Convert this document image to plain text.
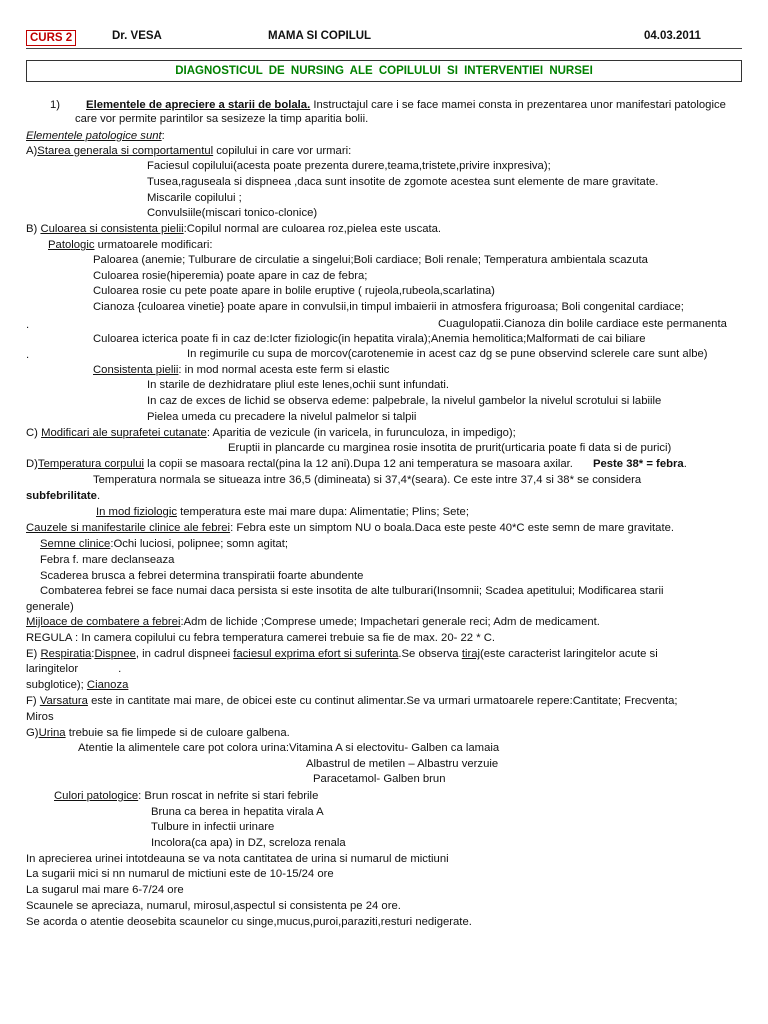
CURS 2	Dr. VESA	MAMA SI COPILUL	04.03.2011
DIAGNOSTICUL DE NURSING ALE COPILULUI SI INTERVENTIEI NURSEI
1) Elementele de apreciere a starii de bolala. Instructajul care i se face mamei consta in prezentarea unor manifestari patologice
care vor permite parintilor sa sesizeze la timp aparitia bolii.
Elementele patologice sunt:
A)Starea generala si comportamentul copilului in care vor urmari:
Faciesul copilului(acesta poate prezenta durere,teama,tristete,privire inxpresiva);
Tusea,raguseala si dispneea ,daca sunt insotite de zgomote acestea sunt elemente de mare gravitate.
Miscarile copilului ;
Convulsiile(miscari tonico-clonice)
B) Culoarea si consistenta pielii:Copilul normal are culoarea roz,pielea este uscata.
Patologic urmatoarele modificari:
Paloarea (anemie; Tulburare de circulatie a singelui;Boli cardiace; Boli renale; Temperatura ambientala scazuta
Culoarea rosie(hiperemia) poate apare in caz de febra;
Culoarea rosie cu pete poate apare in bolile eruptive ( rujeola,rubeola,scarlatina)
Cianoza {culoarea vinetie} poate apare in convulsii,in timpul imbaierii in atmosfera friguroasa; Boli congenital cardiace;
.	Cuagulopatii.Cianoza din bolile cardiace este permanenta
Culoarea icterica poate fi in caz de:Icter fiziologic(in hepatita virala);Anemia hemolitica;Malformati de cai biliare
.	In regimurile cu supa de morcov(carotenemie in acest caz dg se pune observind sclerele care sunt albe)
Consistenta pielii: in mod normal acesta este ferm si elastic
In starile de dezhidratare pliul este lenes,ochii sunt infundati.
In caz de exces de lichid se observa edeme: palpebrale, la nivelul gambelor la nivelul scrotului si labiile
Pielea umeda cu precadere la nivelul palmelor si talpii
C) Modificari ale suprafetei cutanate: Aparitia de vezicule (in varicela, in furunculoza, in impedigo);
Eruptii in plancarde cu marginea rosie insotita de prurit(urticaria poate fi data si de purici)
D)Temperatura corpului la copii se masoara rectal(pina la 12 ani).Dupa 12 ani temperatura se masoara axilar. Peste 38* = febra.
Temperatura normala se situeaza intre 36,5 (dimineata) si 37,4*(seara). Ce este intre 37,4 si 38* se considera
subfebrilitate.
In mod fiziologic temperatura este mai mare dupa: Alimentatie; Plins; Sete;
Cauzele si manifestarile clinice ale febrei: Febra este un simptom NU o boala.Daca este peste 40*C este semn de mare gravitate.
Semne clinice:Ochi luciosi, polipnee; somn agitat;
Febra f. mare declanseaza
Scaderea brusca a febrei determina transpiratii foarte abundente
Combaterea febrei se face numai daca persista si este insotita de alte tulburari(Insomnii; Scadea apetitului; Modificarea starii
generale)
Mijloace de combatere a febrei:Adm de lichide ;Comprese umede; Impachetari generale reci; Adm de medicament.
REGULA : In camera copilului cu febra temperatura camerei trebuie sa fie de max. 20- 22 * C.
E) Respiratia:Dispnee, in cadrul dispneei faciesul exprima efort si suferinta.Se observa tiraj(este caracterist laringitelor acute si
laringitelor	.
subglotice); Cianoza
F) Varsatura este in cantitate mai mare, de obicei este cu continut alimentar.Se va urmari urmatoarele repere:Cantitate; Frecventa;
Miros
G)Urina trebuie sa fie limpede si de culoare galbena.
Atentie la alimentele care pot colora urina:Vitamina A si electovitu- Galben ca lamaia
Albastrul de metilen – Albastru verzuie
Paracetamol- Galben brun
Culori patologice: Brun roscat in nefrite si stari febrile
Bruna ca berea in hepatita virala A
Tulbure in infectii urinare
Incolora(ca apa) in DZ, screloza renala
In aprecierea urinei intotdeauna se va nota cantitatea de urina si numarul de mictiuni
La sugarii mici si nn numarul de mictiuni este de 10-15/24 ore
La sugarul mai mare 6-7/24 ore
Scaunele se apreciaza, numarul, mirosul,aspectul si consistenta pe 24 ore.
Se acorda o atentie deosebita scaunelor cu singe,mucus,puroi,paraziti,resturi nedigerate.
